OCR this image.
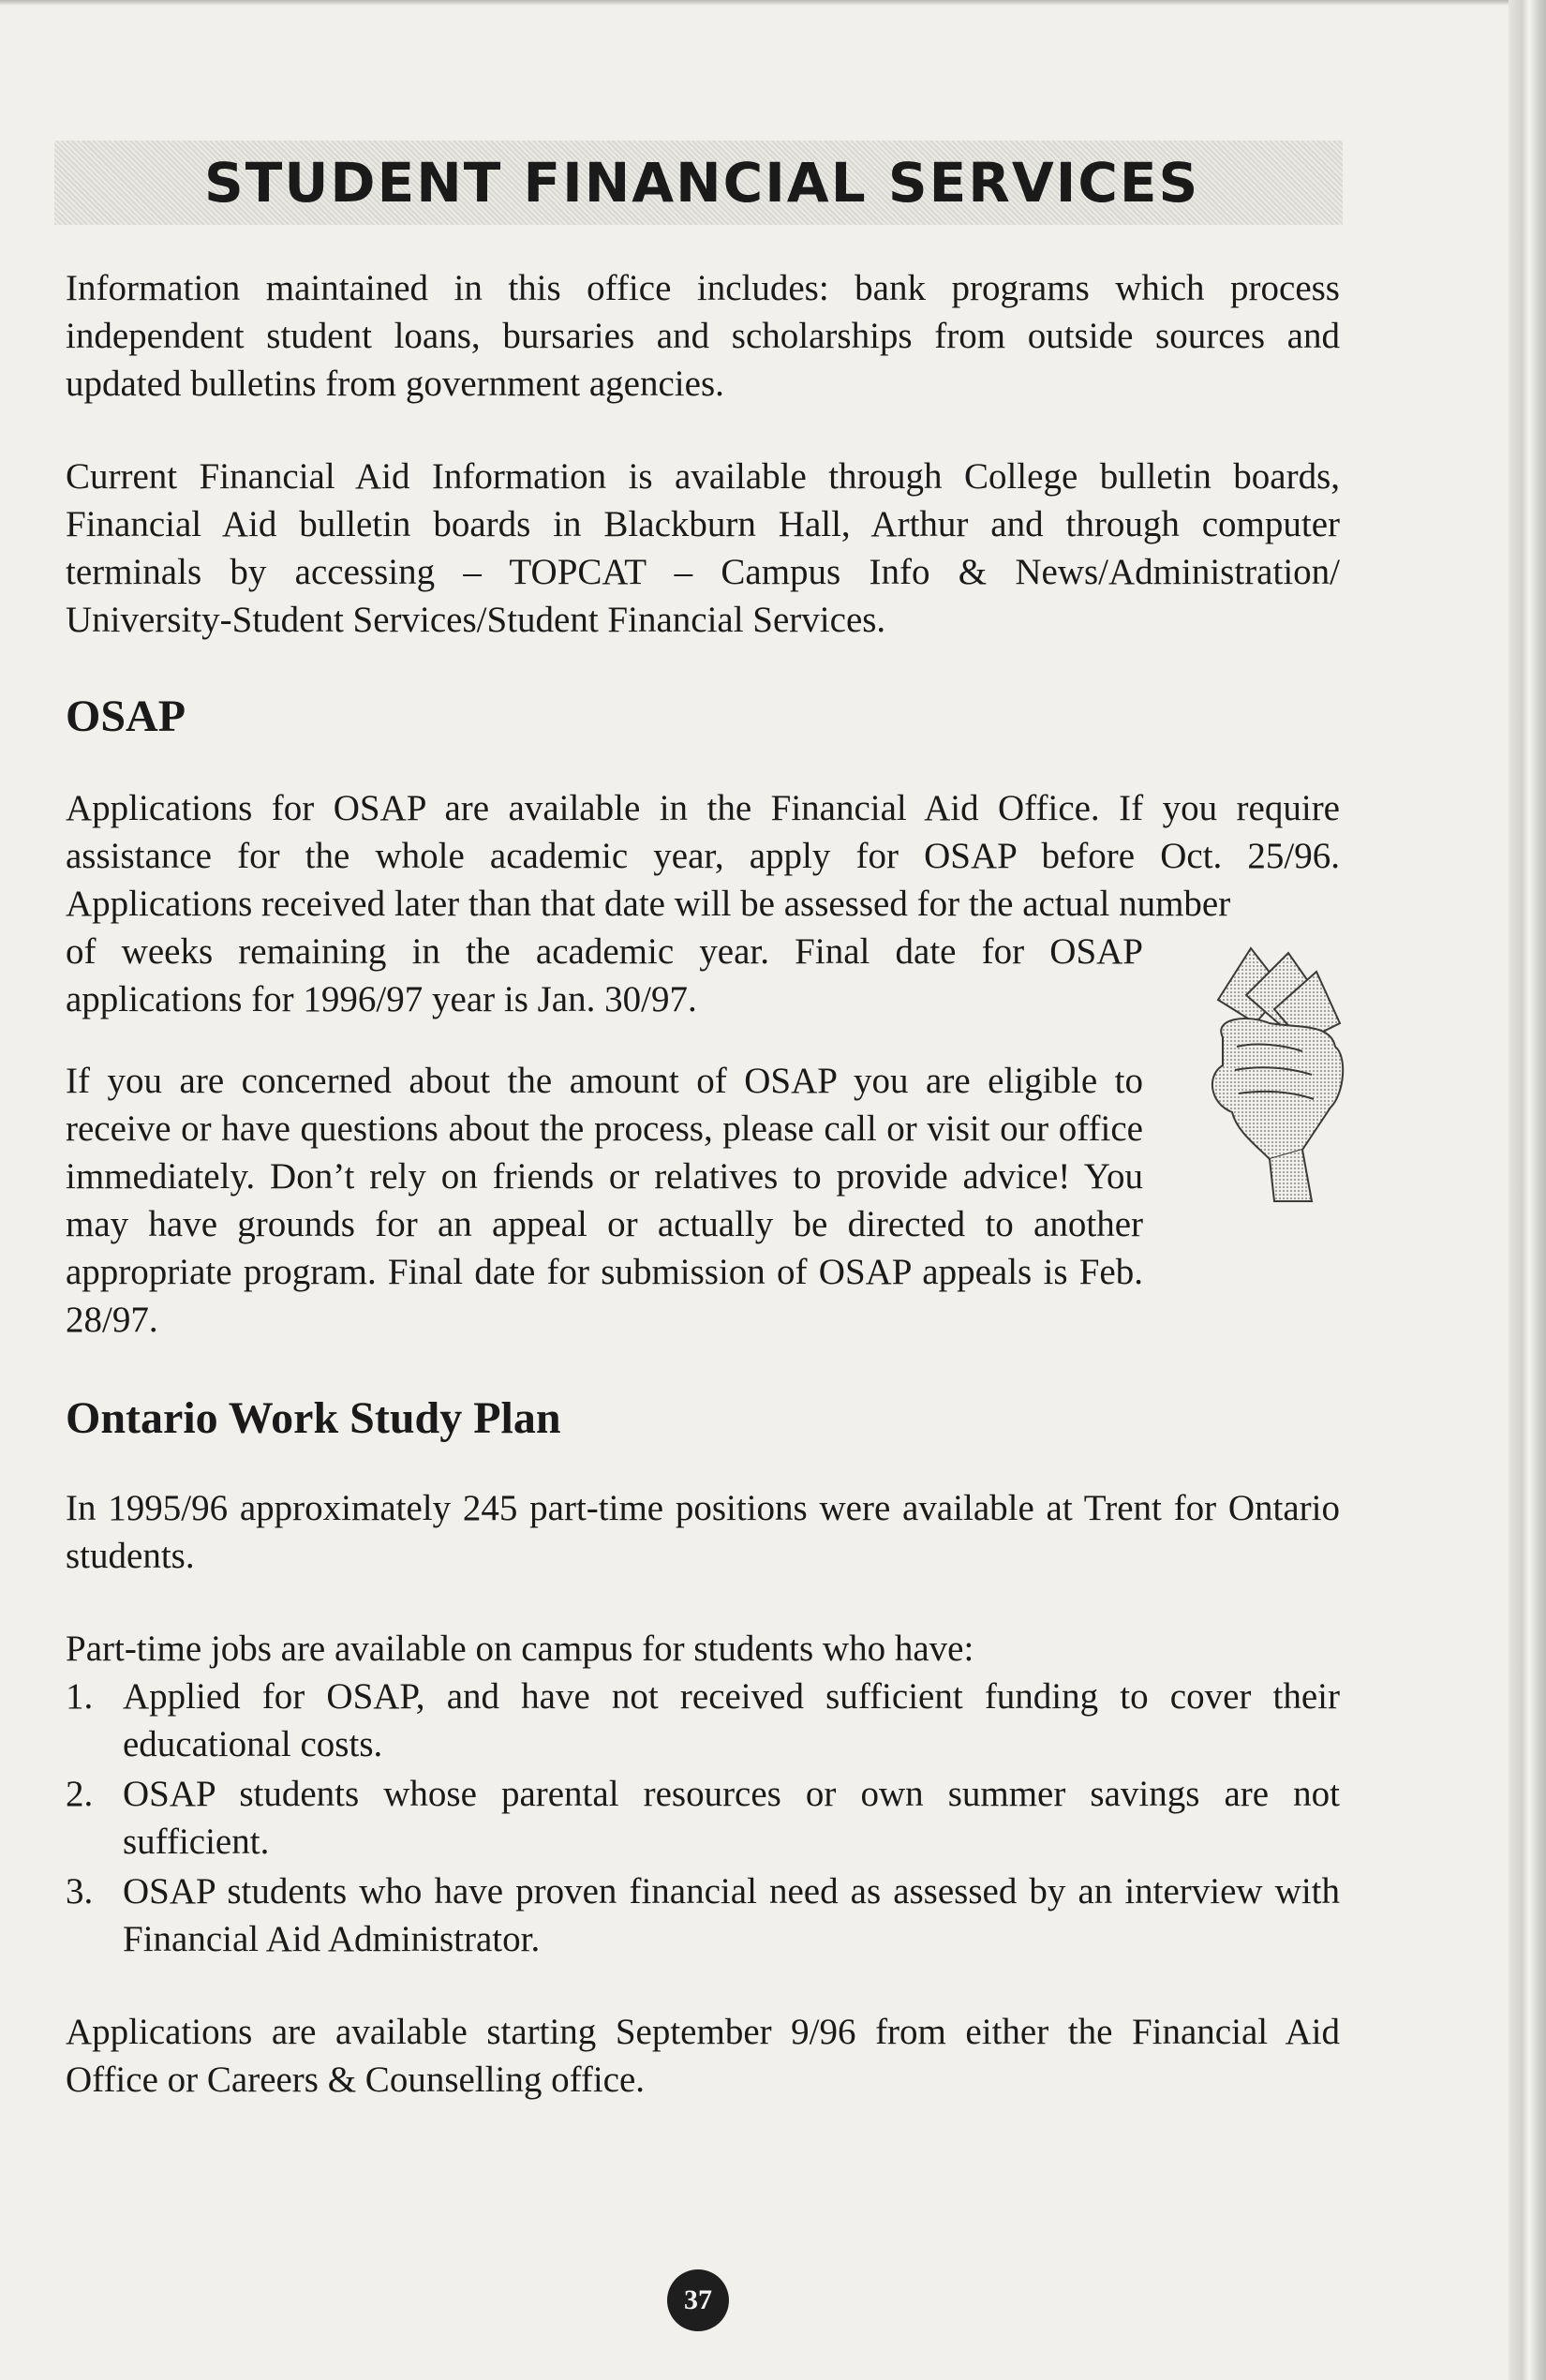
STUDENT FINANCIAL SERVICES

Information maintained in this office includes: bank programs which process independent student loans, bursaries and scholarships from outside sources and updated bulletins from government agencies.

Current Financial Aid Information is available through College bulletin boards, Financial Aid bulletin boards in Blackburn Hall, Arthur and through computer terminals by accessing – TOPCAT – Campus Info & News/Administration/ University-Student Services/Student Financial Services.

OSAP

Applications for OSAP are available in the Financial Aid Office. If you require assistance for the whole academic year, apply for OSAP before Oct. 25/96. Applications received later than that date will be assessed for the actual number

of weeks remaining in the academic year. Final date for OSAP applications for 1996/97 year is Jan. 30/97.

If you are concerned about the amount of OSAP you are eligible to receive or have questions about the process, please call or visit our office immediately. Don’t rely on friends or relatives to provide advice! You may have grounds for an appeal or actually be directed to another appropriate program. Final date for submission of OSAP appeals is Feb. 28/97.

Ontario Work Study Plan

In 1995/96 approximately 245 part-time positions were available at Trent for Ontario students.

Part-time jobs are available on campus for students who have:

1. Applied for OSAP, and have not received sufficient funding to cover their educational costs.
2. OSAP students whose parental resources or own summer savings are not sufficient.
3. OSAP students who have proven financial need as assessed by an interview with Financial Aid Administrator.

Applications are available starting September 9/96 from either the Financial Aid Office or Careers & Counselling office.

37
